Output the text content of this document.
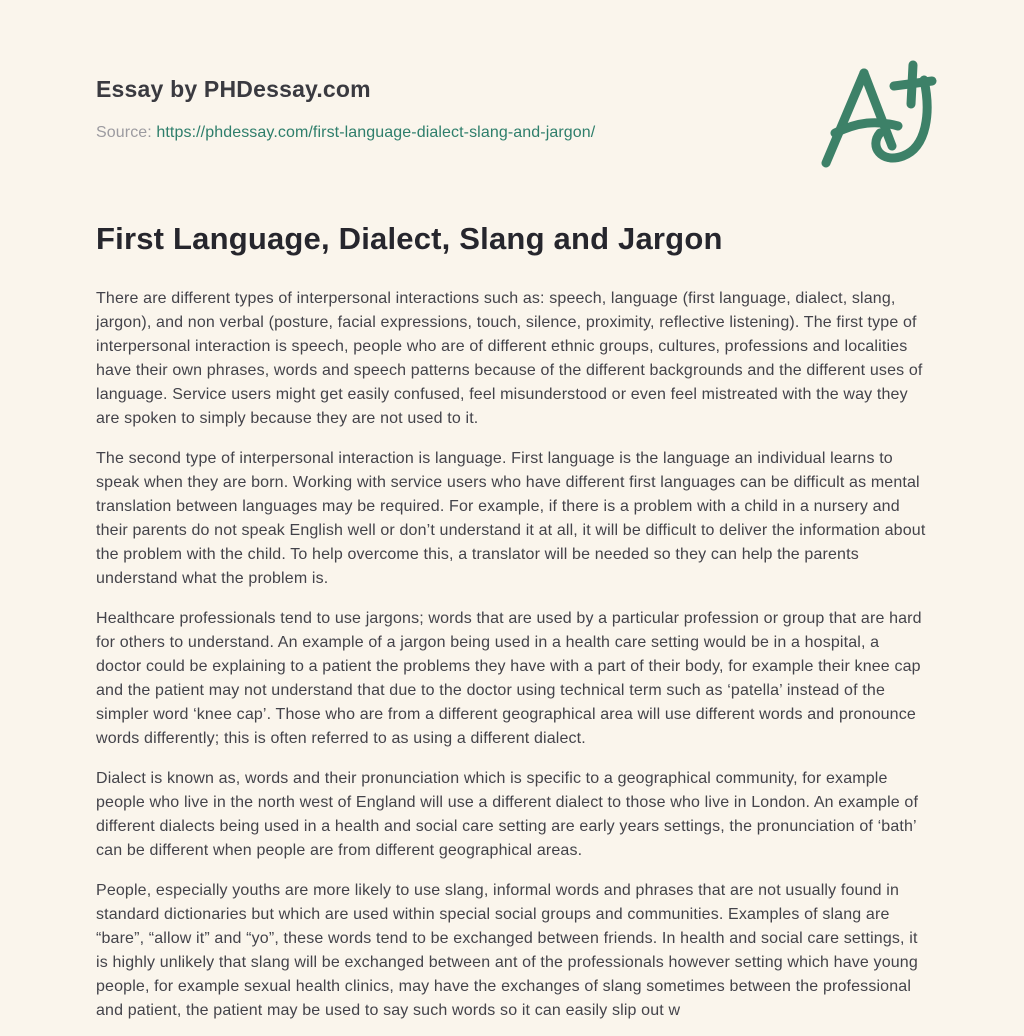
Essay by PHDessay.com
Source: https://phdessay.com/first-language-dialect-slang-and-jargon/
First Language, Dialect, Slang and Jargon

There are different types of interpersonal interactions such as: speech, language (first language, dialect, slang, jargon), and non verbal (posture, facial expressions, touch, silence, proximity, reflective listening). The first type of interpersonal interaction is speech, people who are of different ethnic groups, cultures, professions and localities have their own phrases, words and speech patterns because of the different backgrounds and the different uses of language. Service users might get easily confused, feel misunderstood or even feel mistreated with the way they are spoken to simply because they are not used to it.

The second type of interpersonal interaction is language. First language is the language an individual learns to speak when they are born. Working with service users who have different first languages can be difficult as mental translation between languages may be required. For example, if there is a problem with a child in a nursery and their parents do not speak English well or don’t understand it at all, it will be difficult to deliver the information about the problem with the child. To help overcome this, a translator will be needed so they can help the parents understand what the problem is.

Healthcare professionals tend to use jargons; words that are used by a particular profession or group that are hard for others to understand. An example of a jargon being used in a health care setting would be in a hospital, a doctor could be explaining to a patient the problems they have with a part of their body, for example their knee cap and the patient may not understand that due to the doctor using technical term such as ‘patella’ instead of the simpler word ‘knee cap’. Those who are from a different geographical area will use different words and pronounce words differently; this is often referred to as using a different dialect.

Dialect is known as, words and their pronunciation which is specific to a geographical community, for example people who live in the north west of England will use a different dialect to those who live in London. An example of different dialects being used in a health and social care setting are early years settings, the pronunciation of ‘bath’ can be different when people are from different geographical areas.

People, especially youths are more likely to use slang, informal words and phrases that are not usually found in standard dictionaries but which are used within special social groups and communities. Examples of slang are “bare”, “allow it” and “yo”, these words tend to be exchanged between friends. In health and social care settings, it is highly unlikely that slang will be exchanged between ant of the professionals however setting which have young people, for example sexual health clinics, may have the exchanges of slang sometimes between the professional and patient, the patient may be used to say such words so it can easily slip out w
